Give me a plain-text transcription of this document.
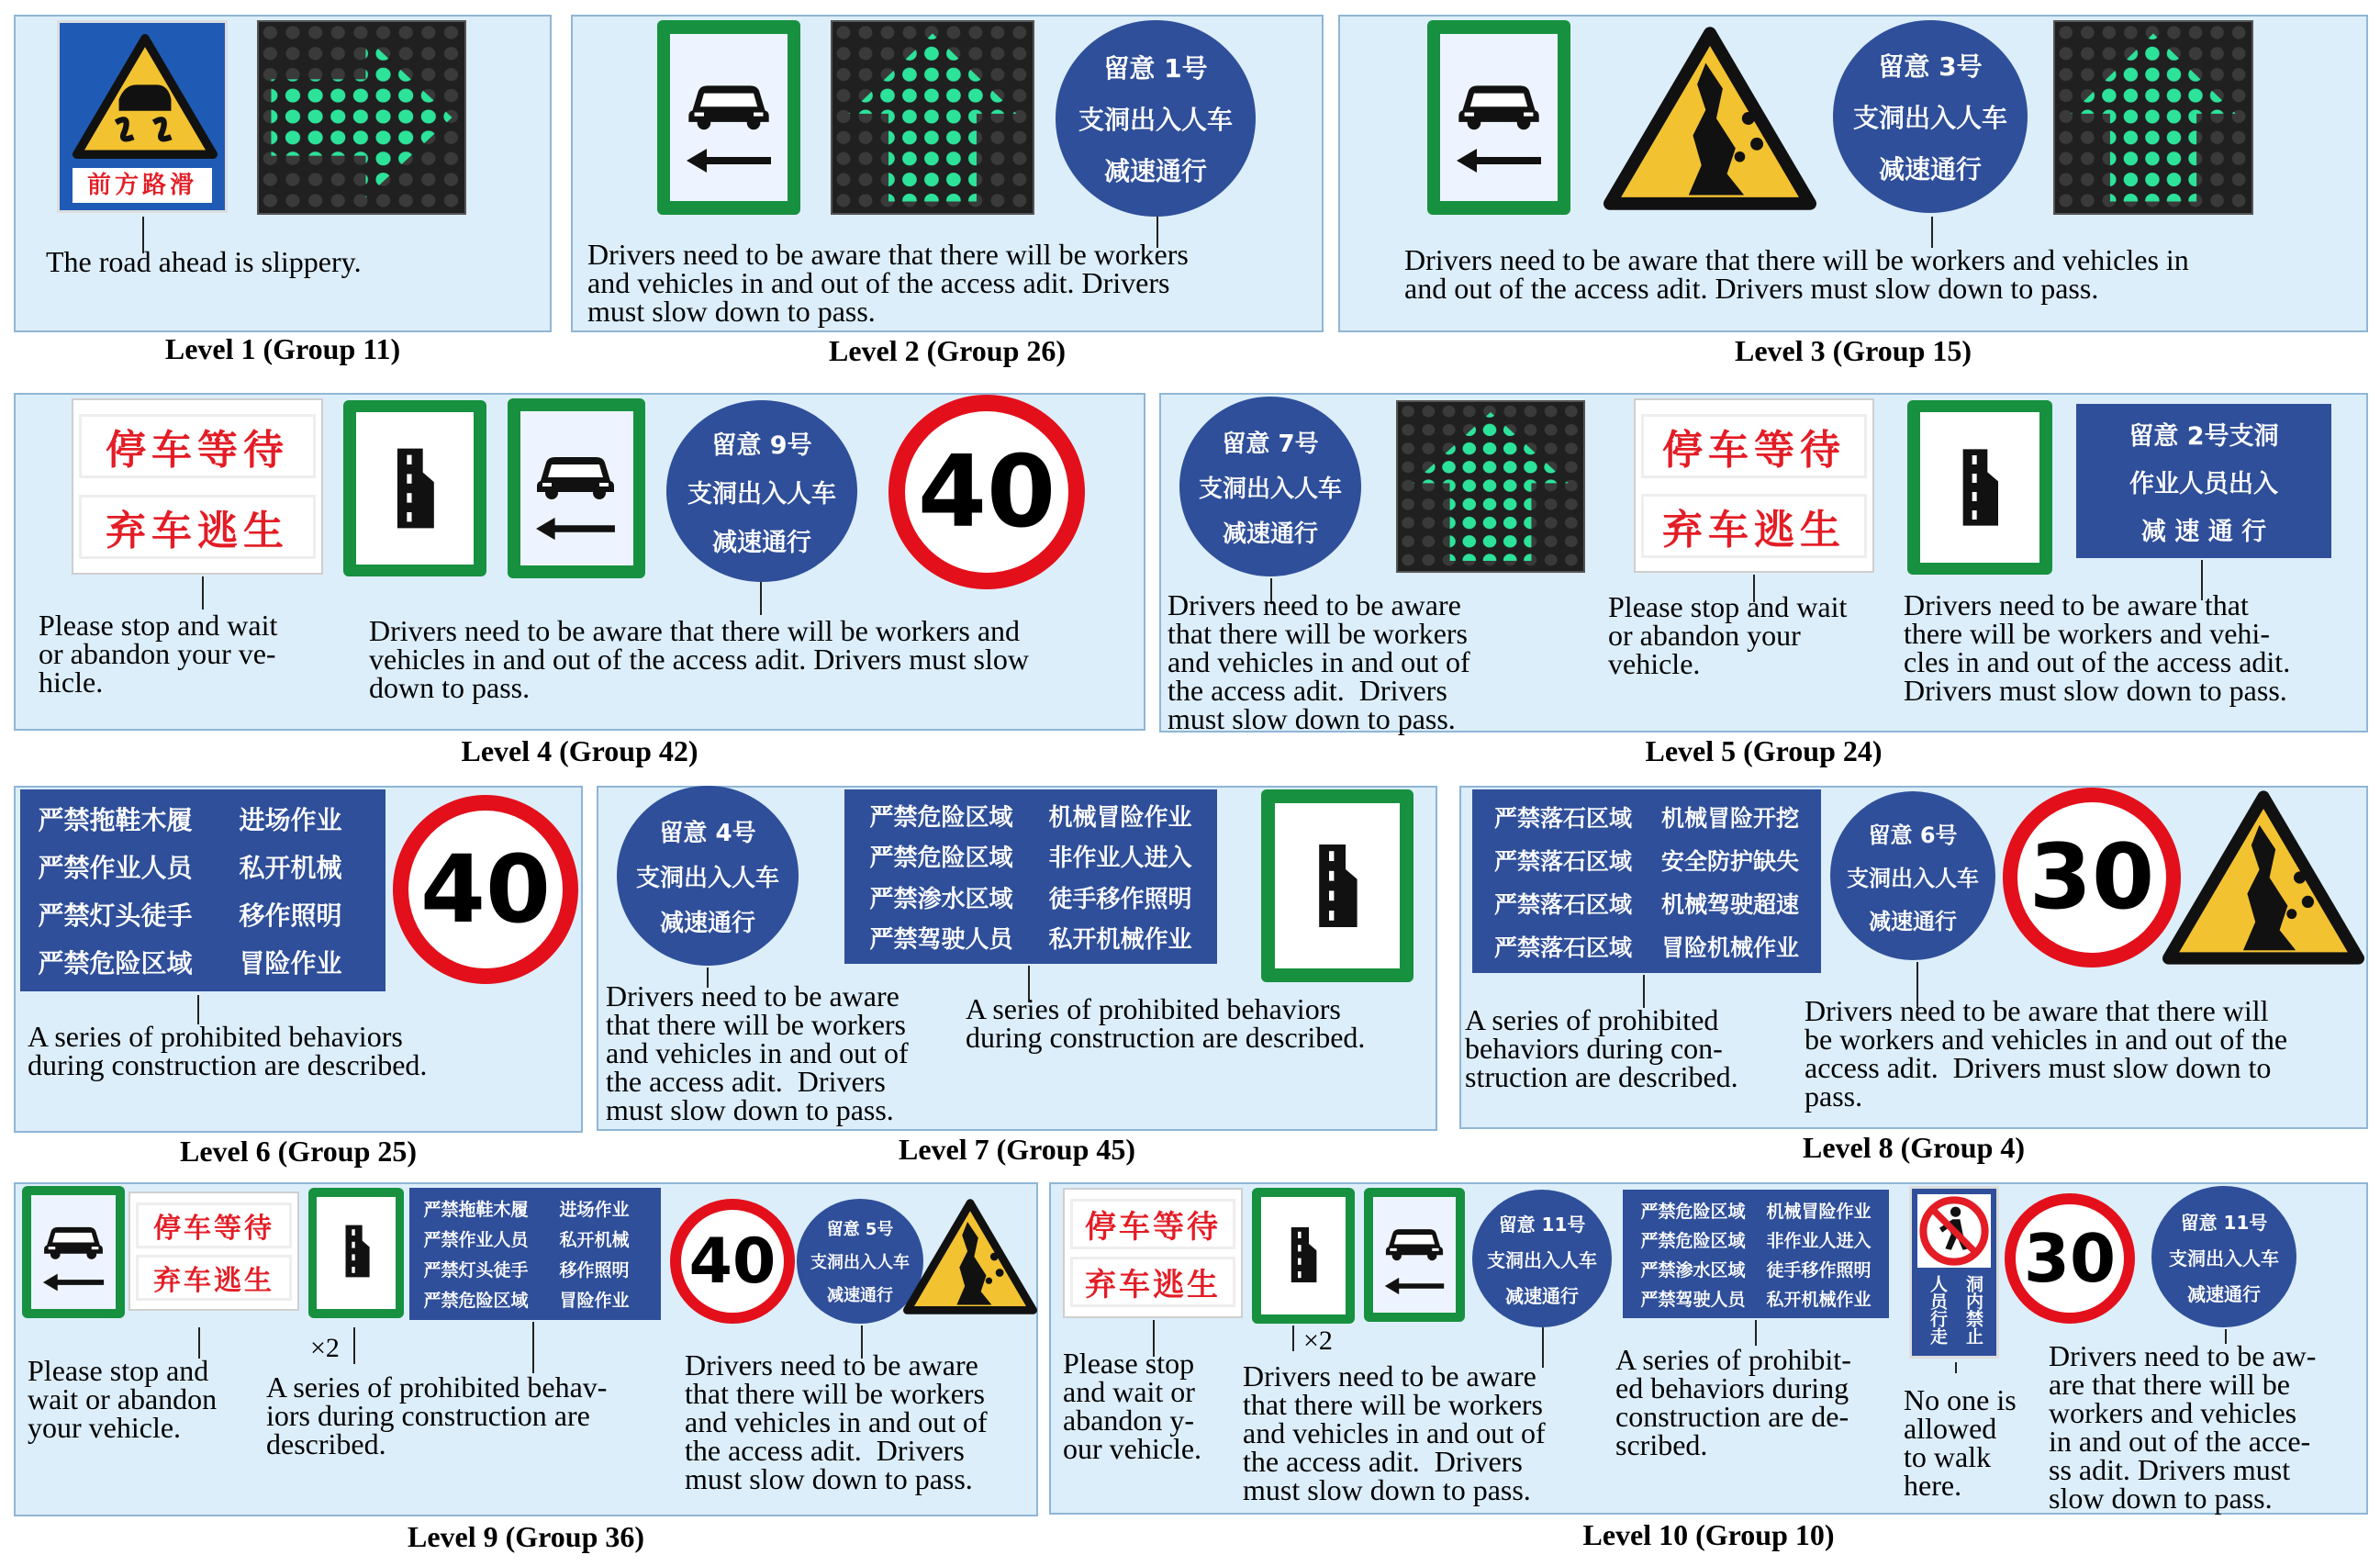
前方路滑

The road ahead is slippery.

Level 1 (Group 11)
留意 1号
支洞出入人车
减速通行

Drivers need to be aware that there will be workers
and vehicles in and out of the access adit. Drivers
must slow down to pass.

Level 2 (Group 26)
留意 3号
支洞出入人车
减速通行

Drivers need to be aware that there will be workers and vehicles in
and out of the access adit. Drivers must slow down to pass.

Level 3 (Group 15)
停车等待
弃车逃生
留意 9号
支洞出入人车
减速通行 40

Please stop and wait
or abandon your ve-
hicle.

Drivers need to be aware that there will be workers and
vehicles in and out of the access adit. Drivers must slow
down to pass.

Level 4 (Group 42)
留意 7号
支洞出入人车
减速通行
停车等待
弃车逃生
留意 2号支洞
作业人员出入
减 速 通 行

Drivers need to be aware
that there will be workers
and vehicles in and out of
the access adit.  Drivers
must slow down to pass.

Please stop and wait
or abandon your
vehicle.

Drivers need to be aware that
there will be workers and vehi-
cles in and out of the access adit.
Drivers must slow down to pass.

Level 5 (Group 24)
严禁拖鞋木履 进场作业
严禁作业人员 私开机械
严禁灯头徒手 移作照明
严禁危险区域 冒险作业
40

A series of prohibited behaviors
during construction are described.

Level 6 (Group 25)
留意 4号
支洞出入人车
减速通行
严禁危险区域 机械冒险作业
严禁危险区域 非作业人进入
严禁渗水区域 徒手移作照明
严禁驾驶人员 私开机械作业

Drivers need to be aware
that there will be workers
and vehicles in and out of
the access adit.  Drivers
must slow down to pass.

A series of prohibited behaviors
during construction are described.

Level 7 (Group 45)
严禁落石区域 机械冒险开挖
严禁落石区域 安全防护缺失
严禁落石区域 机械驾驶超速
严禁落石区域 冒险机械作业
留意 6号
支洞出入人车
减速通行 30

A series of prohibited
behaviors during con-
struction are described.

Drivers need to be aware that there will
be workers and vehicles in and out of the
access adit.  Drivers must slow down to
pass.

Level 8 (Group 4)
停车等待
弃车逃生
严禁拖鞋木履 进场作业
严禁作业人员 私开机械
严禁灯头徒手 移作照明
严禁危险区域 冒险作业
40	留意 5号
支洞出入人车
减速通行
×2

Please stop and
wait or abandon
your vehicle.

A series of prohibited behav-
iors during construction are
described.

Drivers need to be aware
that there will be workers
and vehicles in and out of
the access adit.  Drivers
must slow down to pass.

Level 9 (Group 36)
停车等待
弃车逃生
留意 11号
支洞出入人车
减速通行
严禁危险区域 机械冒险作业
严禁危险区域 非作业人进入
严禁渗水区域 徒手移作照明
严禁驾驶人员 私开机械作业	人员 洞内
行走 禁止
30	留意 11号
支洞出入人车
减速通行
×2

Please stop
and wait or
abandon y-
our vehicle.

Drivers need to be aware
that there will be workers
and vehicles in and out of
the access adit.  Drivers
must slow down to pass.

A series of prohibit-
ed behaviors during
construction are de-
scribed.

No one is
allowed
to walk
here.

Drivers need to be aw-
are that there will be
workers and vehicles
in and out of the acce-
ss adit. Drivers must
slow down to pass.

Level 10 (Group 10)
